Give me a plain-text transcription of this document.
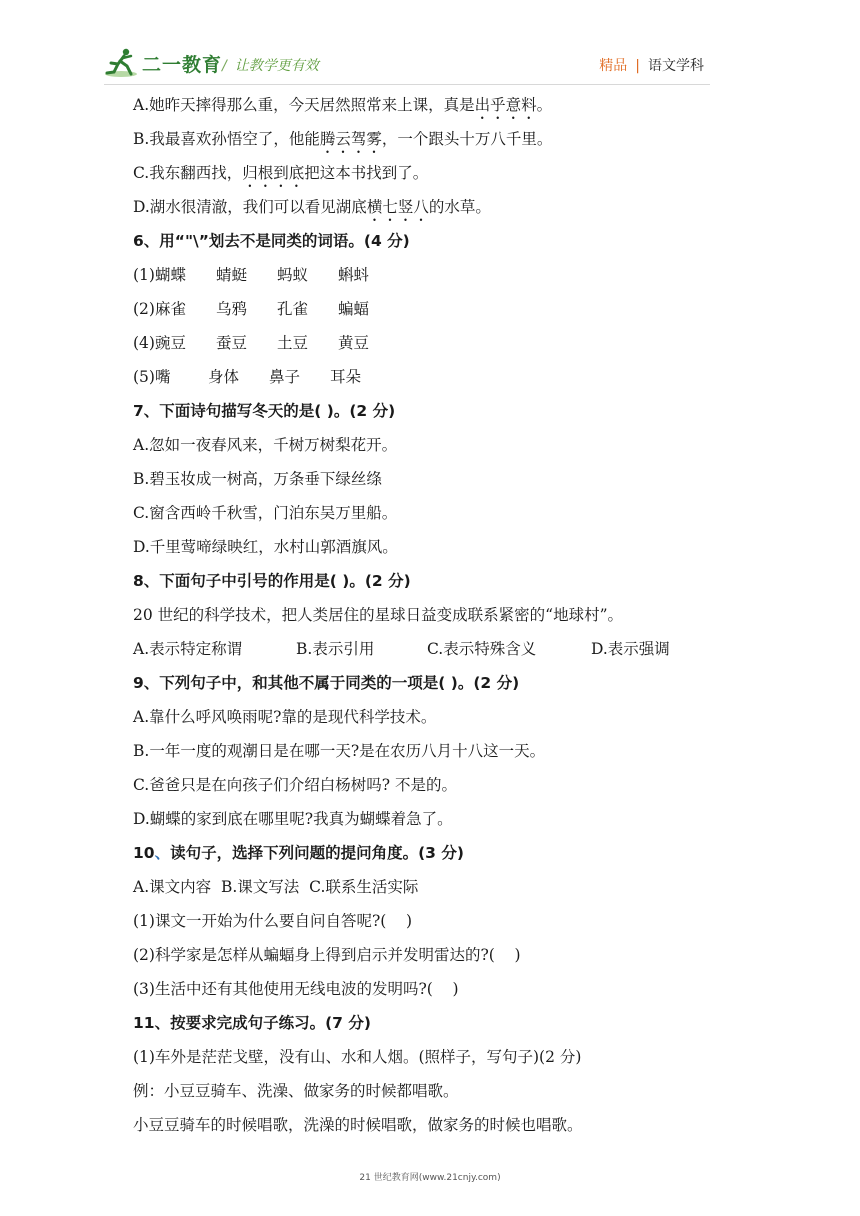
二一教育 / 让教学更有效	精品 | 语文学科
A.她昨天摔得那么重，今天居然照常来上课，真是出乎意料。
B.我最喜欢孙悟空了，他能腾云驾雾，一个跟头十万八千里。
C.我东翻西找，归根到底把这本书找到了。
D.湖水很清澈，我们可以看见湖底横七竖八的水草。
6、用“"\”划去不是同类的词语。(4 分)
(1)蝴蝶 蜻蜓 蚂蚁 蝌蚪
(2)麻雀 乌鸦 孔雀 蝙蝠
(4)豌豆 蚕豆 土豆 黄豆
(5)嘴 身体 鼻子 耳朵
7、下面诗句描写冬天的是( )。(2 分)
A.忽如一夜春风来，千树万树梨花开。
B.碧玉妆成一树高，万条垂下绿丝绦
C.窗含西岭千秋雪，门泊东吴万里船。
D.千里莺啼绿映红，水村山郭酒旗风。
8、下面句子中引号的作用是( )。(2 分)
20 世纪的科学技术，把人类居住的星球日益变成联系紧密的“地球村”。
A.表示特定称谓	B.表示引用	C.表示特殊含义	D.表示强调
9、下列句子中，和其他不属于同类的一项是( )。(2 分)
A.靠什么呼风唤雨呢?靠的是现代科学技术。
B.一年一度的观潮日是在哪一天?是在农历八月十八这一天。
C.爸爸只是在向孩子们介绍白杨树吗? 不是的。
D.蝴蝶的家到底在哪里呢?我真为蝴蝶着急了。
10、读句子，选择下列问题的提问角度。(3 分)
A.课文内容  B.课文写法  C.联系生活实际
(1)课文一开始为什么要自问自答呢?(    )
(2)科学家是怎样从蝙蝠身上得到启示并发明雷达的?(    )
(3)生活中还有其他使用无线电波的发明吗?(    )
11、按要求完成句子练习。(7 分)
(1)车外是茫茫戈壁，没有山、水和人烟。(照样子，写句子)(2 分)
例：小豆豆骑车、洗澡、做家务的时候都唱歌。
小豆豆骑车的时候唱歌，洗澡的时候唱歌，做家务的时候也唱歌。
21 世纪教育网(www.21cnjy.com)
